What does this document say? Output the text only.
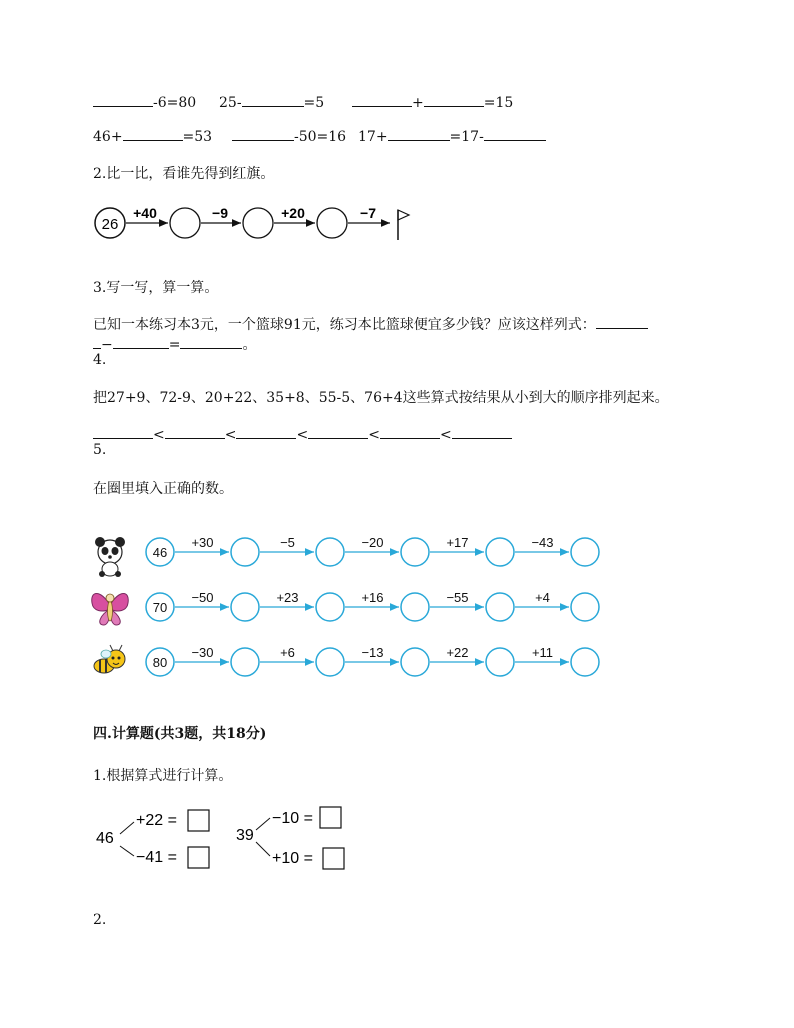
-6=80 25-	=5	+	=15
46+	=53	-50=16 17+	=17-
2.比一比，看谁先得到红旗。
26
+40	−9	+20	−7
3.写一写，算一算。
已知一本练习本3元，一个篮球91元，练习本比篮球便宜多少钱？应该这样列式：
−	=	。
4.
把27+9、72-9、20+22、35+8、55-5、76+4这些算式按结果从小到大的顺序排列起来。
<	<	<	<	<
5.
在圈里填入正确的数。
46
+30	−5	−20	+17	−43
70
−50	+23	+16	−55	+4
80
−30	+6	−13	+22	+11
四.计算题(共3题，共18分)
1.根据算式进行计算。
46
+22 =
−41 =
39
−10 =
+10 =
2.
